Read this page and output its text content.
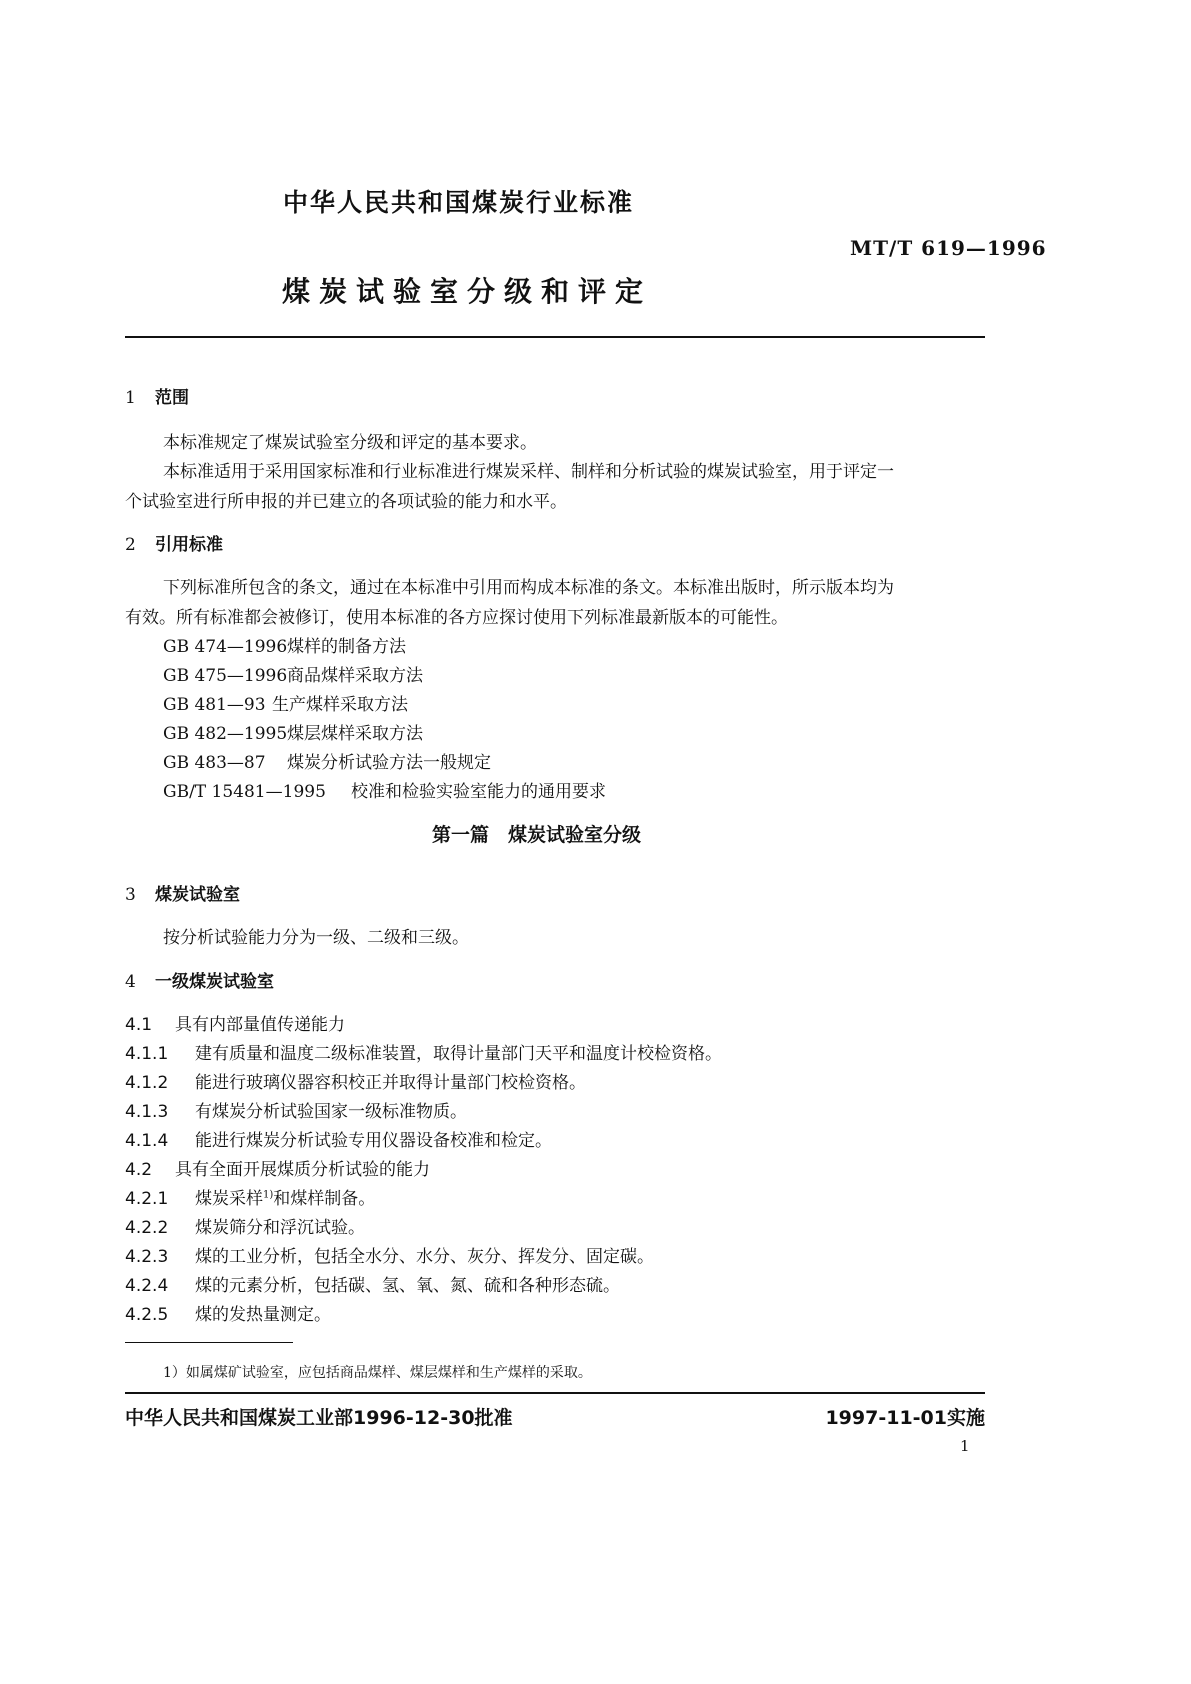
中华人民共和国煤炭行业标准
MT/T 619—1996
煤炭试验室分级和评定
1 范围
本标准规定了煤炭试验室分级和评定的基本要求。
本标准适用于采用国家标准和行业标准进行煤炭采样、制样和分析试验的煤炭试验室，用于评定一
个试验室进行所申报的并已建立的各项试验的能力和水平。
2 引用标准
下列标准所包含的条文，通过在本标准中引用而构成本标准的条文。本标准出版时，所示版本均为
有效。所有标准都会被修订，使用本标准的各方应探讨使用下列标准最新版本的可能性。
GB 474—1996煤样的制备方法
GB 475—1996商品煤样采取方法
GB 481—93 生产煤样采取方法
GB 482—1995煤层煤样采取方法
GB 483—87 煤炭分析试验方法一般规定
GB/T 15481—1995 校准和检验实验室能力的通用要求
第一篇　煤炭试验室分级
3 煤炭试验室
按分析试验能力分为一级、二级和三级。
4 一级煤炭试验室
4.1 具有内部量值传递能力
4.1.1 建有质量和温度二级标准装置，取得计量部门天平和温度计校检资格。
4.1.2 能进行玻璃仪器容积校正并取得计量部门校检资格。
4.1.3 有煤炭分析试验国家一级标准物质。
4.1.4 能进行煤炭分析试验专用仪器设备校准和检定。
4.2 具有全面开展煤质分析试验的能力
4.2.1 煤炭采样$^{1)}$和煤样制备。
4.2.2 煤炭筛分和浮沉试验。
4.2.3 煤的工业分析，包括全水分、水分、灰分、挥发分、固定碳。
4.2.4 煤的元素分析，包括碳、氢、氧、氮、硫和各种形态硫。
4.2.5 煤的发热量测定。
1）如属煤矿试验室，应包括商品煤样、煤层煤样和生产煤样的采取。
中华人民共和国煤炭工业部1996-12-30批准	1997-11-01实施
1
